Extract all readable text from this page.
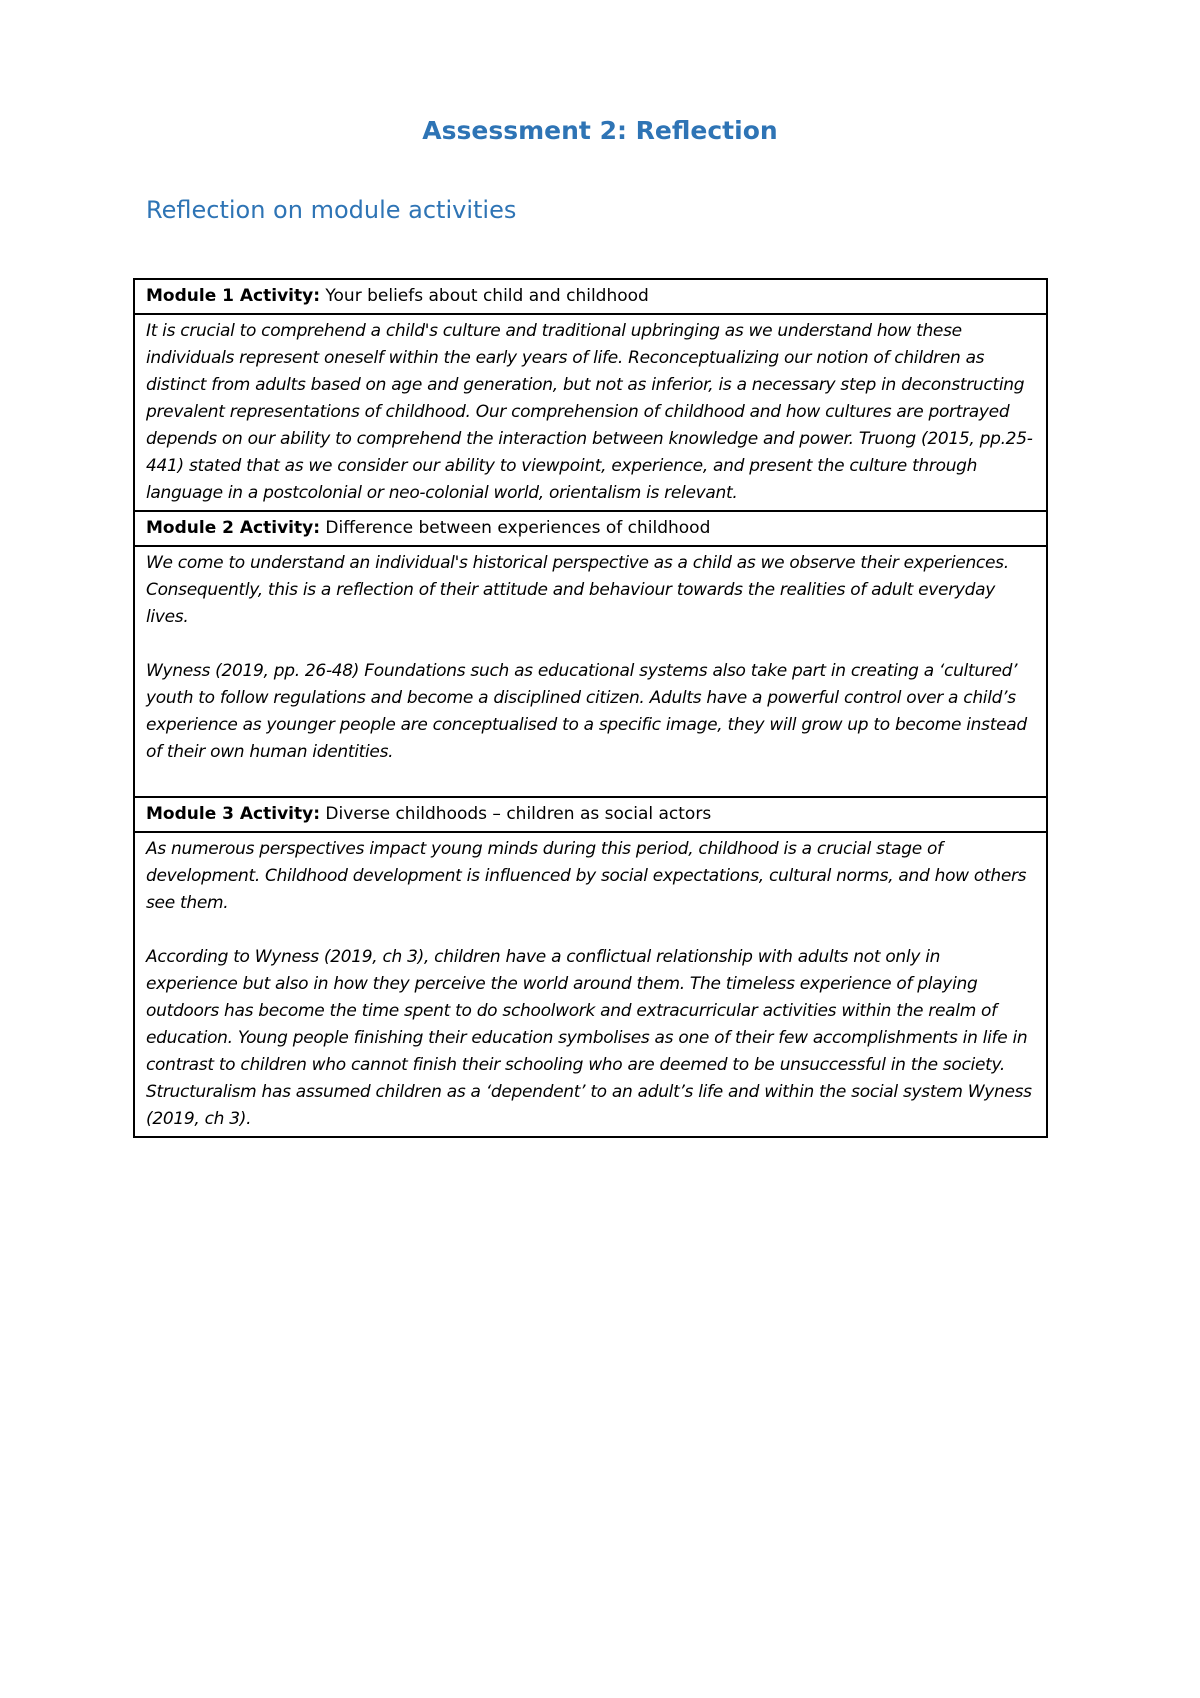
Assessment 2: Reflection
Reflection on module activities
Module 1 Activity: Your beliefs about child and childhood

It is crucial to comprehend a child's culture and traditional upbringing as we understand how these individuals represent oneself within the early years of life. Reconceptualizing our notion of children as distinct from adults based on age and generation, but not as inferior, is a necessary step in deconstructing prevalent representations of childhood. Our comprehension of childhood and how cultures are portrayed depends on our ability to comprehend the interaction between knowledge and power. Truong (2015, pp.25-441) stated that as we consider our ability to viewpoint, experience, and present the culture through language in a postcolonial or neo-colonial world, orientalism is relevant.

Module 2 Activity: Difference between experiences of childhood

We come to understand an individual's historical perspective as a child as we observe their experiences. Consequently, this is a reflection of their attitude and behaviour towards the realities of adult everyday lives.

Wyness (2019, pp. 26-48) Foundations such as educational systems also take part in creating a ‘cultured’ youth to follow regulations and become a disciplined citizen. Adults have a powerful control over a child’s experience as younger people are conceptualised to a specific image, they will grow up to become instead of their own human identities.

Module 3 Activity: Diverse childhoods – children as social actors

As numerous perspectives impact young minds during this period, childhood is a crucial stage of development. Childhood development is influenced by social expectations, cultural norms, and how others see them.

According to Wyness (2019, ch 3), children have a conflictual relationship with adults not only in experience but also in how they perceive the world around them. The timeless experience of playing outdoors has become the time spent to do schoolwork and extracurricular activities within the realm of education. Young people finishing their education symbolises as one of their few accomplishments in life in contrast to children who cannot finish their schooling who are deemed to be unsuccessful in the society. Structuralism has assumed children as a ‘dependent’ to an adult’s life and within the social system Wyness (2019, ch 3).
